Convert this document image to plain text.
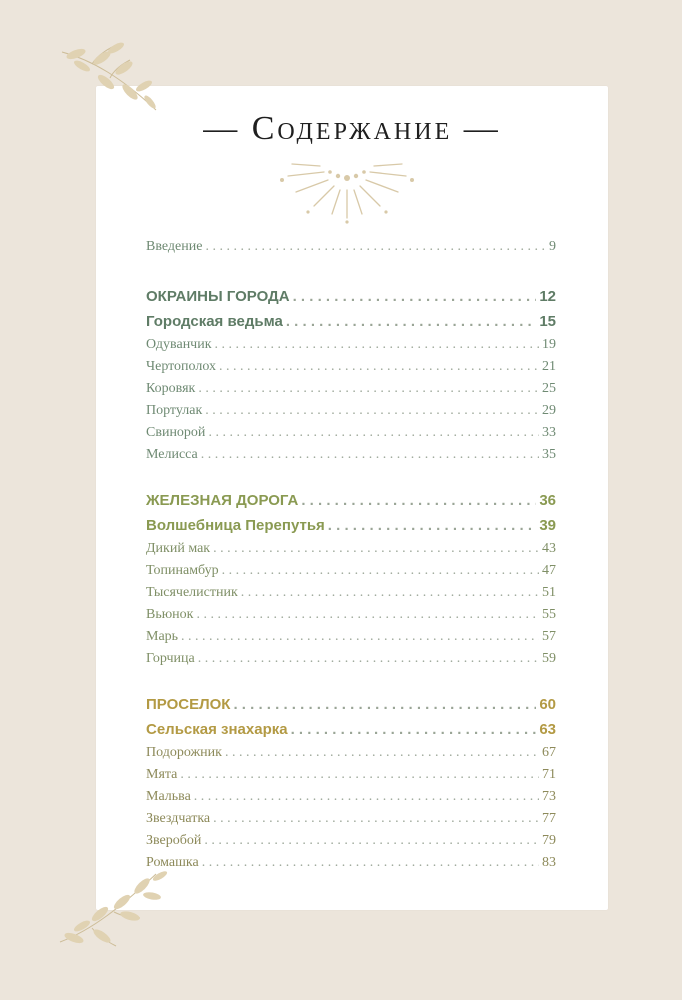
— Содержание —
Введение . . .	9
ОКРАИНЫ ГОРОДА . . .	12
Городская ведьма . . .	15
Одуванчик . . .	19
Чертополох . . .	21
Коровяк . . .	25
Портулак . . .	29
Свинорой . . .	33
Мелисса . . .	35
ЖЕЛЕЗНАЯ ДОРОГА . . .	36
Волшебница Перепутья . . .	39
Дикий мак . . .	43
Топинамбур . . .	47
Тысячелистник . . .	51
Вьюнок . . .	55
Марь . . .	57
Горчица . . .	59
ПРОСЕЛОК . . .	60
Сельская знахарка . . .	63
Подорожник . . .	67
Мята . . .	71
Мальва . . .	73
Звездчатка . . .	77
Зверобой . . .	79
Ромашка . . .	83
